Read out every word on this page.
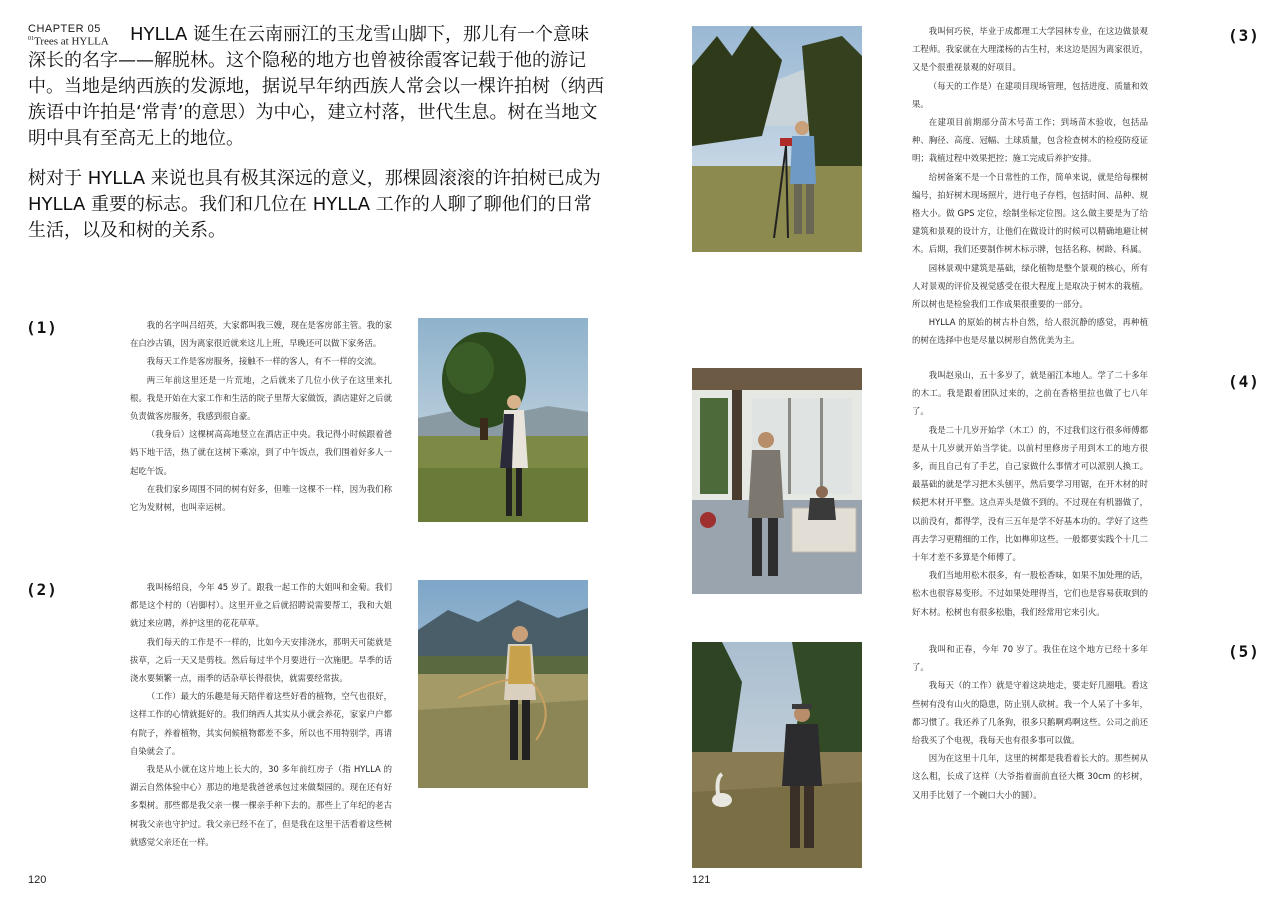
CHAPTER 05
$^{01}$Trees at HYLLA	HYLLA 诞生在云南丽江的玉龙雪山脚下，那儿有一个意味深长的名字——解脱林。这个隐秘的地方也曾被徐霞客记载于他的游记中。当地是纳西族的发源地，据说早年纳西族人常会以一棵许拍树（纳西族语中许拍是‘常青’的意思）为中心，建立村落，世代生息。树在当地文明中具有至高无上的地位。

树对于 HYLLA 来说也具有极其深远的意义，那棵圆滚滚的许拍树已成为 HYLLA 重要的标志。我们和几位在 HYLLA 工作的人聊了聊他们的日常生活，以及和树的关系。

(1)	我的名字叫吕绍英，大家都叫我三嫂，现在是客房部主管。我的家在白沙古镇，因为离家很近就来这儿上班，早晚还可以做下家务活。

我每天工作是客房服务，接触不一样的客人，有不一样的交流。

两三年前这里还是一片荒地，之后就来了几位小伙子在这里来扎根。我是开始在大家工作和生活的院子里帮大家做饭，酒店建好之后就负责做客房服务，我感到很自豪。

（我身后）这棵树高高地竖立在酒店正中央。我记得小时候跟着爸妈下地干活，热了就在这树下乘凉，到了中午饭点，我们围着好多人一起吃午饭。

在我们家乡周围不同的树有好多，但唯一这棵不一样，因为我们称它为发财树，也叫幸运树。

(2)	我叫杨绍良，今年 45 岁了。跟我一起工作的大姐叫和金菊。我们都是这个村的（岩脚村）。这里开业之后就招聘说需要帮工，我和大姐就过来应聘，养护这里的花花草草。

我们每天的工作是不一样的，比如今天安排浇水，那明天可能就是拔草，之后一天又是剪枝。然后每过半个月要进行一次施肥。旱季的话浇水要频繁一点，雨季的话杂草长得很快，就需要经常拔。

（工作）最大的乐趣是每天陪伴着这些好看的植物，空气也很好，这样工作的心情就挺好的。我们纳西人其实从小就会养花，家家户户都有院子，养着植物，其实伺候植物都差不多，所以也不用特别学，再请自染就会了。

我是从小就在这片地上长大的，30 多年前红房子（指 HYLLA 的湖云自然体验中心）那边的地是我爸爸承包过来做梨园的。现在还有好多梨树。那些都是我父亲一棵一棵亲手种下去的。那些上了年纪的老古树我父亲也守护过。我父亲已经不在了，但是我在这里干活看着这些树就感觉父亲还在一样。

120

我叫何巧侯，毕业于成都理工大学园林专业，在这边做景观工程师。我家就在大理漾杨的古生村，来这边是因为离家很近，又是个很重视景观的好项目。

（每天的工作是）在建项目现场管理，包括进度、质量和效果。

在建项目前期部分苗木号苗工作；到场苗木验收，包括品种、胸径、高度、冠幅、土球质量，包含检查树木的检疫防疫证明；栽植过程中效果把控；施工完成后养护安排。

给树备案不是一个日常性的工作，简单来说，就是给每棵树编号，拍好树木现场照片，进行电子存档，包括时间、品种、规格大小。做 GPS 定位，绘制坐标定位图。这么做主要是为了给建筑和景观的设计方，让他们在做设计的时候可以精确地避让树木。后期，我们还要制作树木标示牌，包括名称、树龄、科属。

园林景观中建筑是基础，绿化植物是整个景观的核心，所有人对景观的评价及视觉感受在很大程度上是取决于树木的栽植。所以树也是检验我们工作成果很重要的一部分。

HYLLA 的原始的树古朴自然，给人很沉静的感觉，再种植的树在选择中也是尽量以树形自然优美为主。

(3)

我叫赵泉山，五十多岁了，就是丽江本地人。学了二十多年的木工。我是跟着团队过来的，之前在香格里拉也做了七八年了。

我是二十几岁开始学（木工）的，不过我们这行很多师傅都是从十几岁就开始当学徒。以前村里修房子用到木工的地方很多，而且自己有了手艺，自己家做什么事情才可以派别人换工。最基础的就是学习把木头刨平，然后要学习用锯，在开木材的时候把木材开平整。这点弄头是做不到的。不过现在有机器做了，以前没有，都得学，没有三五年是学不好基本功的。学好了这些再去学习更精细的工作，比如榫卯这些。一般都要实践个十几二十年才差不多算是个师傅了。

我们当地用松木很多，有一股松香味，如果不加处理的话，松木也很容易变形。不过如果处理得当，它们也是容易获取到的好木材。松树也有很多松脂，我们经常用它来引火。

(4)

我叫和正春，今年 70 岁了。我住在这个地方已经十多年了。

我每天（的工作）就是守着这块地走，要走好几圈哦。看这些树有没有山火的隐患，防止别人砍树。我一个人呆了十多年，都习惯了。我还养了几条狗，很多只鹅啊鸡啊这些。公司之前还给我买了个电视，我每天也有很多事可以做。

因为在这里十几年，这里的树都是我看着长大的。那些树从这么粗，长成了这样（大爷指着面前直径大概 30cm 的杉树，又用手比划了一个碗口大小的圆）。

(5)
121
